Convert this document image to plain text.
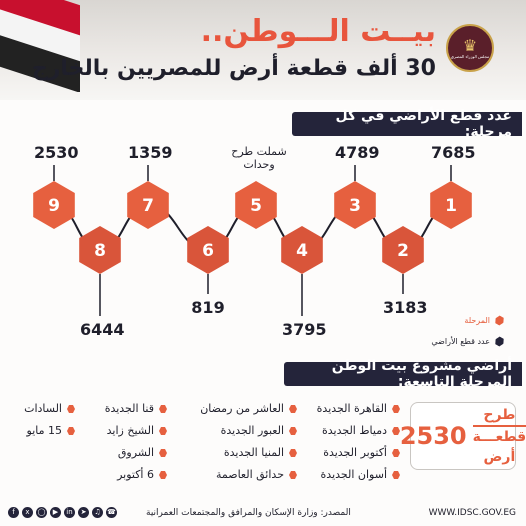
♛
مجلس الوزراء المصري
بيــت الـــوطن..
30 ألف قطعة أرض للمصريين بالخارج
عدد قطع الأراضي في كل مرحلة:
1
2
3
4
5
6
7
8
9
7685
3183
4789
3795
819
1359
6444
2530	شملت طرح وحدات
المرحلة
عدد قطع الأراضي
أراضي مشروع بيت الوطن المرحلة التاسعة:
طرح
قطعـــة أرض
2530
القاهرة الجديدة
دمياط الجديدة
أكتوبر الجديدة
أسوان الجديدة
العاشر من رمضان
العبور الجديدة
المنيا الجديدة
حدائق العاصمة
قنا الجديدة
الشيخ زايد
الشروق
6 أكتوبر
السادات
15 مايو
f	x	◯	▶	in	➤	♫ ☎	المصدر: وزارة الإسكان والمرافق والمجتمعات العمرانية	WWW.IDSC.GOV.EG
